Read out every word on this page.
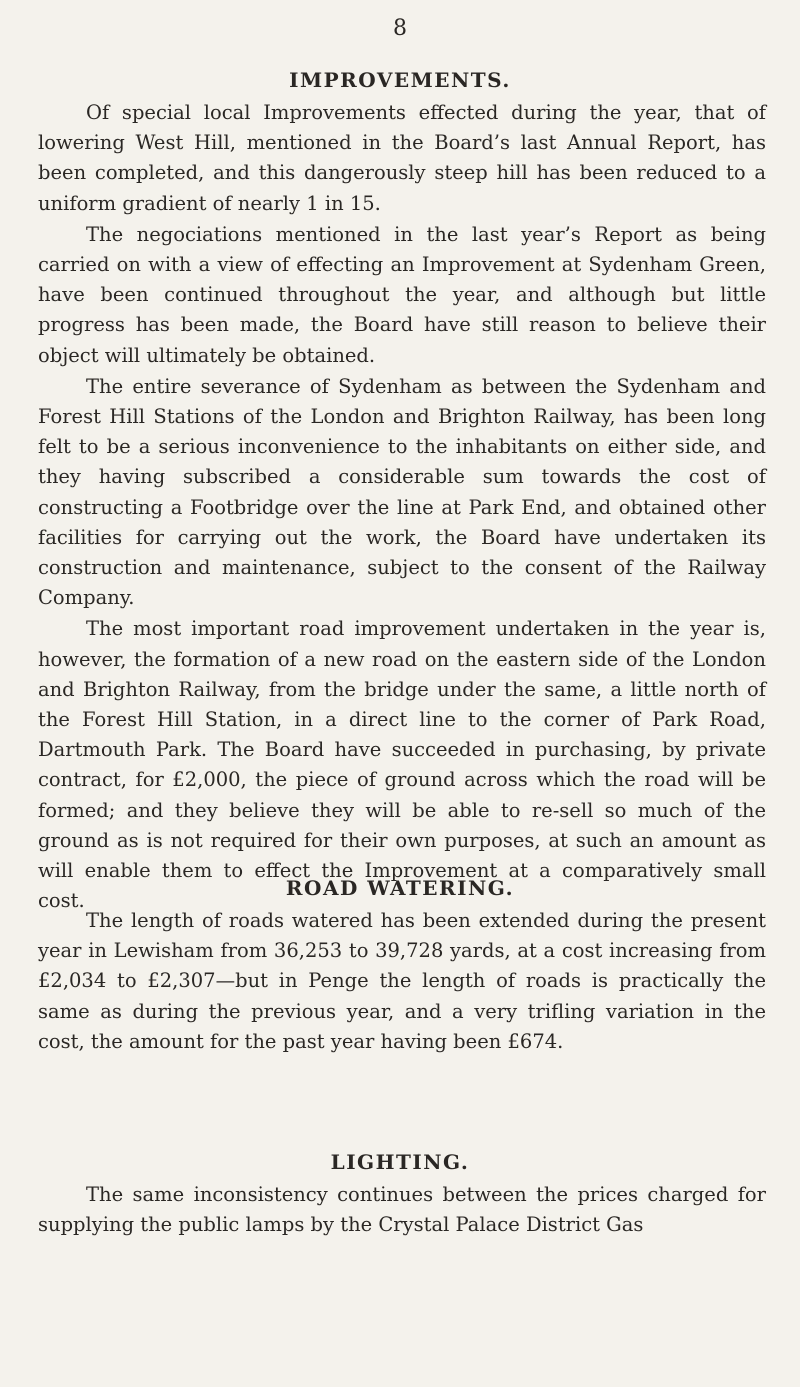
8
IMPROVEMENTS.

Of special local Improvements effected during the year, that of lowering West Hill, mentioned in the Board’s last Annual Report, has been completed, and this dangerously steep hill has been reduced to a uniform gradient of nearly 1 in 15.

The negociations mentioned in the last year’s Report as being carried on with a view of effecting an Improvement at Sydenham Green, have been continued throughout the year, and although but little progress has been made, the Board have still reason to believe their object will ultimately be obtained.

The entire severance of Sydenham as between the Sydenham and Forest Hill Stations of the London and Brighton Railway, has been long felt to be a serious inconvenience to the inhabitants on either side, and they having subscribed a considerable sum towards the cost of constructing a Footbridge over the line at Park End, and obtained other facilities for carrying out the work, the Board have undertaken its construction and maintenance, subject to the consent of the Railway Company.

The most important road improvement undertaken in the year is, however, the formation of a new road on the eastern side of the London and Brighton Railway, from the bridge under the same, a little north of the Forest Hill Station, in a direct line to the corner of Park Road, Dartmouth Park. The Board have succeeded in purchasing, by private contract, for £2,000, the piece of ground across which the road will be formed; and they believe they will be able to re-sell so much of the ground as is not required for their own purposes, at such an amount as will enable them to effect the Improvement at a comparatively small cost.

ROAD WATERING.

The length of roads watered has been extended during the present year in Lewisham from 36,253 to 39,728 yards, at a cost increasing from £2,034 to £2,307—but in Penge the length of roads is practically the same as during the previous year, and a very trifling variation in the cost, the amount for the past year having been £674.

LIGHTING.

The same inconsistency continues between the prices charged for supplying the public lamps by the Crystal Palace District Gas
